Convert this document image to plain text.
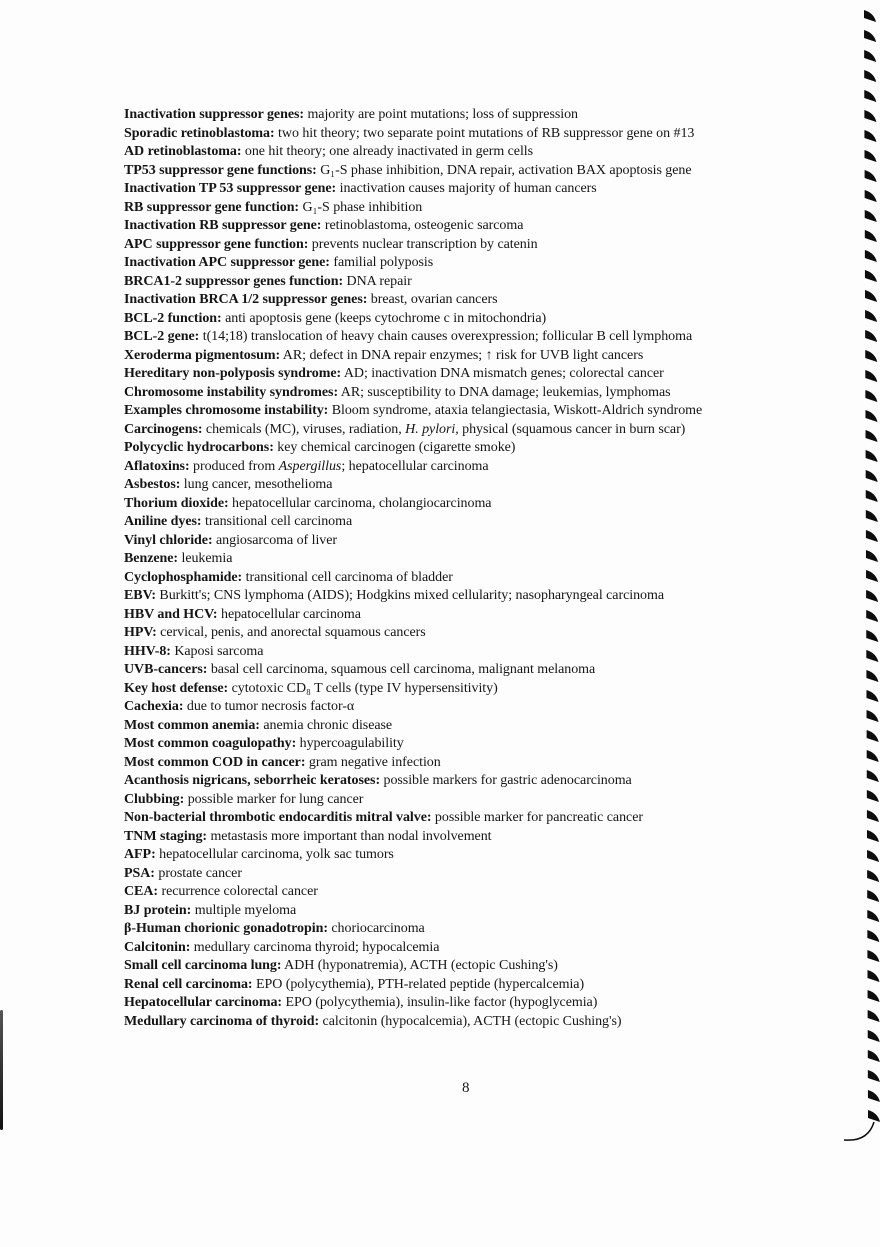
Inactivation suppressor genes: majority are point mutations; loss of suppression
Sporadic retinoblastoma: two hit theory; two separate point mutations of RB suppressor gene on #13
AD retinoblastoma: one hit theory; one already inactivated in germ cells
TP53 suppressor gene functions: G₁-S phase inhibition, DNA repair, activation BAX apoptosis gene
Inactivation TP 53 suppressor gene: inactivation causes majority of human cancers
RB suppressor gene function: G₁-S phase inhibition
Inactivation RB suppressor gene: retinoblastoma, osteogenic sarcoma
APC suppressor gene function: prevents nuclear transcription by catenin
Inactivation APC suppressor gene: familial polyposis
BRCA1-2 suppressor genes function: DNA repair
Inactivation BRCA 1/2 suppressor genes: breast, ovarian cancers
BCL-2 function: anti apoptosis gene (keeps cytochrome c in mitochondria)
BCL-2 gene: t(14;18) translocation of heavy chain causes overexpression; follicular B cell lymphoma
Xeroderma pigmentosum: AR; defect in DNA repair enzymes; ↑ risk for UVB light cancers
Hereditary non-polyposis syndrome: AD; inactivation DNA mismatch genes; colorectal cancer
Chromosome instability syndromes: AR; susceptibility to DNA damage; leukemias, lymphomas
Examples chromosome instability: Bloom syndrome, ataxia telangiectasia, Wiskott-Aldrich syndrome
Carcinogens: chemicals (MC), viruses, radiation, H. pylori, physical (squamous cancer in burn scar)
Polycyclic hydrocarbons: key chemical carcinogen (cigarette smoke)
Aflatoxins: produced from Aspergillus; hepatocellular carcinoma
Asbestos: lung cancer, mesothelioma
Thorium dioxide: hepatocellular carcinoma, cholangiocarcinoma
Aniline dyes: transitional cell carcinoma
Vinyl chloride: angiosarcoma of liver
Benzene: leukemia
Cyclophosphamide: transitional cell carcinoma of bladder
EBV: Burkitt's; CNS lymphoma (AIDS); Hodgkins mixed cellularity; nasopharyngeal carcinoma
HBV and HCV: hepatocellular carcinoma
HPV: cervical, penis, and anorectal squamous cancers
HHV-8: Kaposi sarcoma
UVB-cancers: basal cell carcinoma, squamous cell carcinoma, malignant melanoma
Key host defense: cytotoxic CD₈ T cells (type IV hypersensitivity)
Cachexia: due to tumor necrosis factor-α
Most common anemia: anemia chronic disease
Most common coagulopathy: hypercoagulability
Most common COD in cancer: gram negative infection
Acanthosis nigricans, seborrheic keratoses: possible markers for gastric adenocarcinoma
Clubbing: possible marker for lung cancer
Non-bacterial thrombotic endocarditis mitral valve: possible marker for pancreatic cancer
TNM staging: metastasis more important than nodal involvement
AFP: hepatocellular carcinoma, yolk sac tumors
PSA: prostate cancer
CEA: recurrence colorectal cancer
BJ protein: multiple myeloma
β-Human chorionic gonadotropin: choriocarcinoma
Calcitonin: medullary carcinoma thyroid; hypocalcemia
Small cell carcinoma lung: ADH (hyponatremia), ACTH (ectopic Cushing's)
Renal cell carcinoma: EPO (polycythemia), PTH-related peptide (hypercalcemia)
Hepatocellular carcinoma: EPO (polycythemia), insulin-like factor (hypoglycemia)
Medullary carcinoma of thyroid: calcitonin (hypocalcemia), ACTH (ectopic Cushing's)
8
